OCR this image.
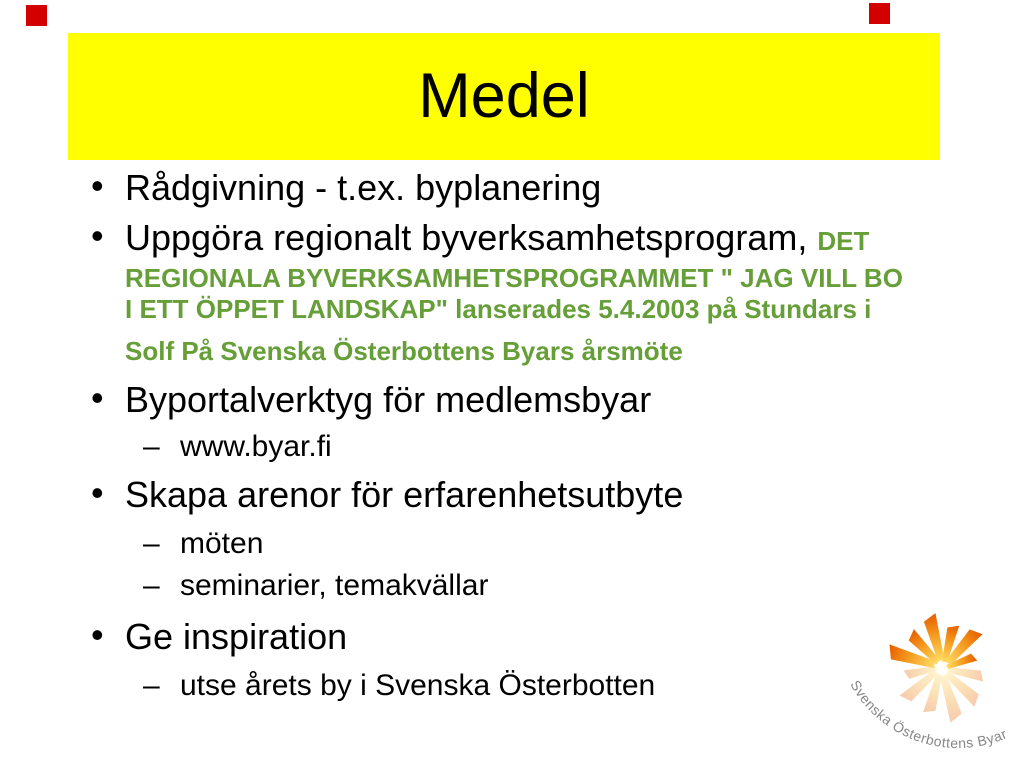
Medel
• Rådgivning - t.ex. byplanering
• Uppgöra regionalt byverksamhetsprogram, DET
REGIONALA BYVERKSAMHETSPROGRAMMET " JAG VILL BO
I ETT ÖPPET LANDSKAP" lanserades 5.4.2003 på Stundars i
Solf På Svenska Österbottens Byars årsmöte
• Byportalverktyg för medlemsbyar
– www.byar.fi
• Skapa arenor för erfarenhetsutbyte
– möten
– seminarier, temakvällar
• Ge inspiration
– utse årets by i Svenska Österbotten	Svenska Österbottens Byar
